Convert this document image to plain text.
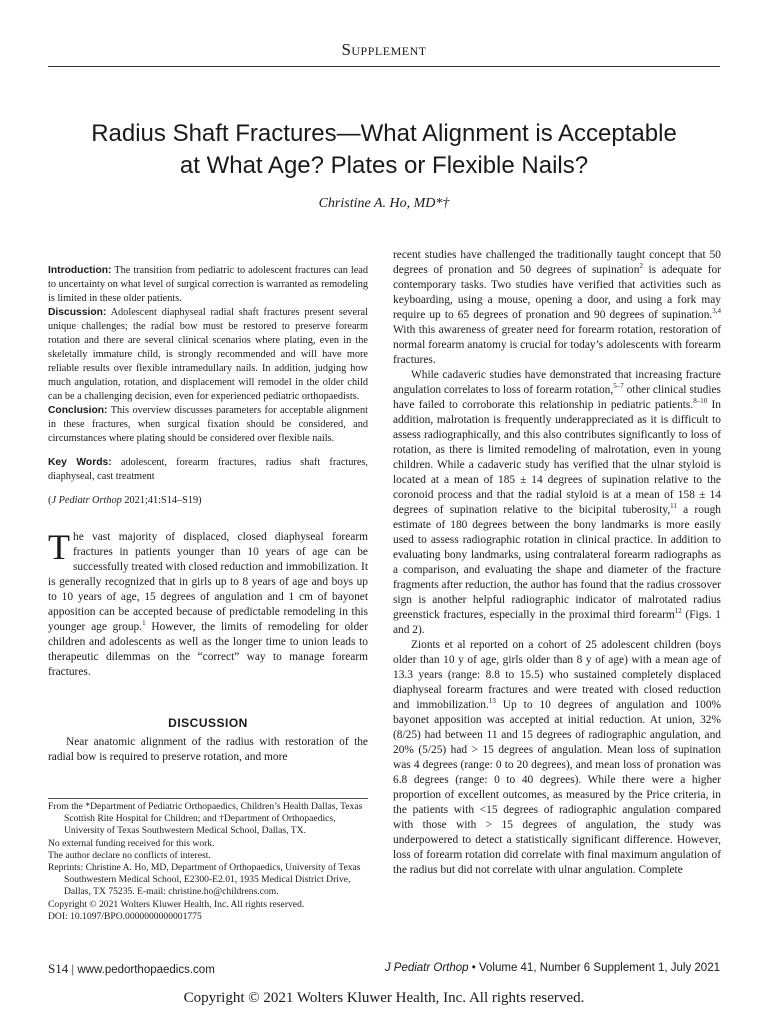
Supplement
Radius Shaft Fractures—What Alignment is Acceptable
at What Age? Plates or Flexible Nails?
Christine A. Ho, MD*†

Introduction: The transition from pediatric to adolescent fractures can lead to uncertainty on what level of surgical correction is warranted as remodeling is limited in these older patients.

Discussion: Adolescent diaphyseal radial shaft fractures present several unique challenges; the radial bow must be restored to preserve forearm rotation and there are several clinical scenarios where plating, even in the skeletally immature child, is strongly recommended and will have more reliable results over flexible intramedullary nails. In addition, judging how much angulation, rotation, and displacement will remodel in the older child can be a challenging decision, even for experienced pediatric orthopaedists.

Conclusion: This overview discusses parameters for acceptable alignment in these fractures, when surgical fixation should be considered, and circumstances where plating should be considered over flexible nails.

Key Words: adolescent, forearm fractures, radius shaft fractures, diaphyseal, cast treatment

(J Pediatr Orthop 2021;41:S14–S19)

The vast majority of displaced, closed diaphyseal forearm fractures in patients younger than 10 years of age can be successfully treated with closed reduction and immobilization. It is generally recognized that in girls up to 8 years of age and boys up to 10 years of age, 15 degrees of angulation and 1 cm of bayonet apposition can be accepted because of predictable remodeling in this younger age group.$^1$ However, the limits of remodeling for older children and adolescents as well as the longer time to union leads to therapeutic dilemmas on the “correct” way to manage forearm fractures.

DISCUSSION

Near anatomic alignment of the radius with restoration of the radial bow is required to preserve rotation, and more

From the *Department of Pediatric Orthopaedics, Children’s Health Dallas, Texas Scottish Rite Hospital for Children; and †Department of Orthopaedics, University of Texas Southwestern Medical School, Dallas, TX.

No external funding received for this work.

The author declare no conflicts of interest.

Reprints: Christine A. Ho, MD, Department of Orthopaedics, University of Texas Southwestern Medical School, E2300-E2.01, 1935 Medical District Drive, Dallas, TX 75235. E-mail: christine.ho@childrens.com.

Copyright © 2021 Wolters Kluwer Health, Inc. All rights reserved.

DOI: 10.1097/BPO.0000000000001775

recent studies have challenged the traditionally taught concept that 50 degrees of pronation and 50 degrees of supination$^2$ is adequate for contemporary tasks. Two studies have verified that activities such as keyboarding, using a mouse, opening a door, and using a fork may require up to 65 degrees of pronation and 90 degrees of supination.$^{3,4}$ With this awareness of greater need for forearm rotation, restoration of normal forearm anatomy is crucial for today’s adolescents with forearm fractures.

While cadaveric studies have demonstrated that increasing fracture angulation correlates to loss of forearm rotation,$^{5-7}$ other clinical studies have failed to corroborate this relationship in pediatric patients.$^{8-10}$ In addition, malrotation is frequently underappreciated as it is difficult to assess radiographically, and this also contributes significantly to loss of rotation, as there is limited remodeling of malrotation, even in young children. While a cadaveric study has verified that the ulnar styloid is located at a mean of 185 ± 14 degrees of supination relative to the coronoid process and that the radial styloid is at a mean of 158 ± 14 degrees of supination relative to the bicipital tuberosity,$^{11}$ a rough estimate of 180 degrees between the bony landmarks is more easily used to assess radiographic rotation in clinical practice. In addition to evaluating bony landmarks, using contralateral forearm radiographs as a comparison, and evaluating the shape and diameter of the fracture fragments after reduction, the author has found that the radius crossover sign is another helpful radiographic indicator of malrotated radius greenstick fractures, especially in the proximal third forearm$^{12}$ (Figs. 1 and 2).

Zionts et al reported on a cohort of 25 adolescent children (boys older than 10 y of age, girls older than 8 y of age) with a mean age of 13.3 years (range: 8.8 to 15.5) who sustained completely displaced diaphyseal forearm fractures and were treated with closed reduction and immobilization.$^{13}$ Up to 10 degrees of angulation and 100% bayonet apposition was accepted at initial reduction. At union, 32% (8/25) had between 11 and 15 degrees of radiographic angulation, and 20% (5/25) had > 15 degrees of angulation. Mean loss of supination was 4 degrees (range: 0 to 20 degrees), and mean loss of pronation was 6.8 degrees (range: 0 to 40 degrees). While there were a higher proportion of excellent outcomes, as measured by the Price criteria, in the patients with <15 degrees of radiographic angulation compared with those with > 15 degrees of angulation, the study was underpowered to detect a statistically significant difference. However, loss of forearm rotation did correlate with final maximum angulation of the radius but did not correlate with ulnar angulation. Complete

S14 | www.pedorthopaedics.com	J Pediatr Orthop • Volume 41, Number 6 Supplement 1, July 2021
Copyright © 2021 Wolters Kluwer Health, Inc. All rights reserved.
